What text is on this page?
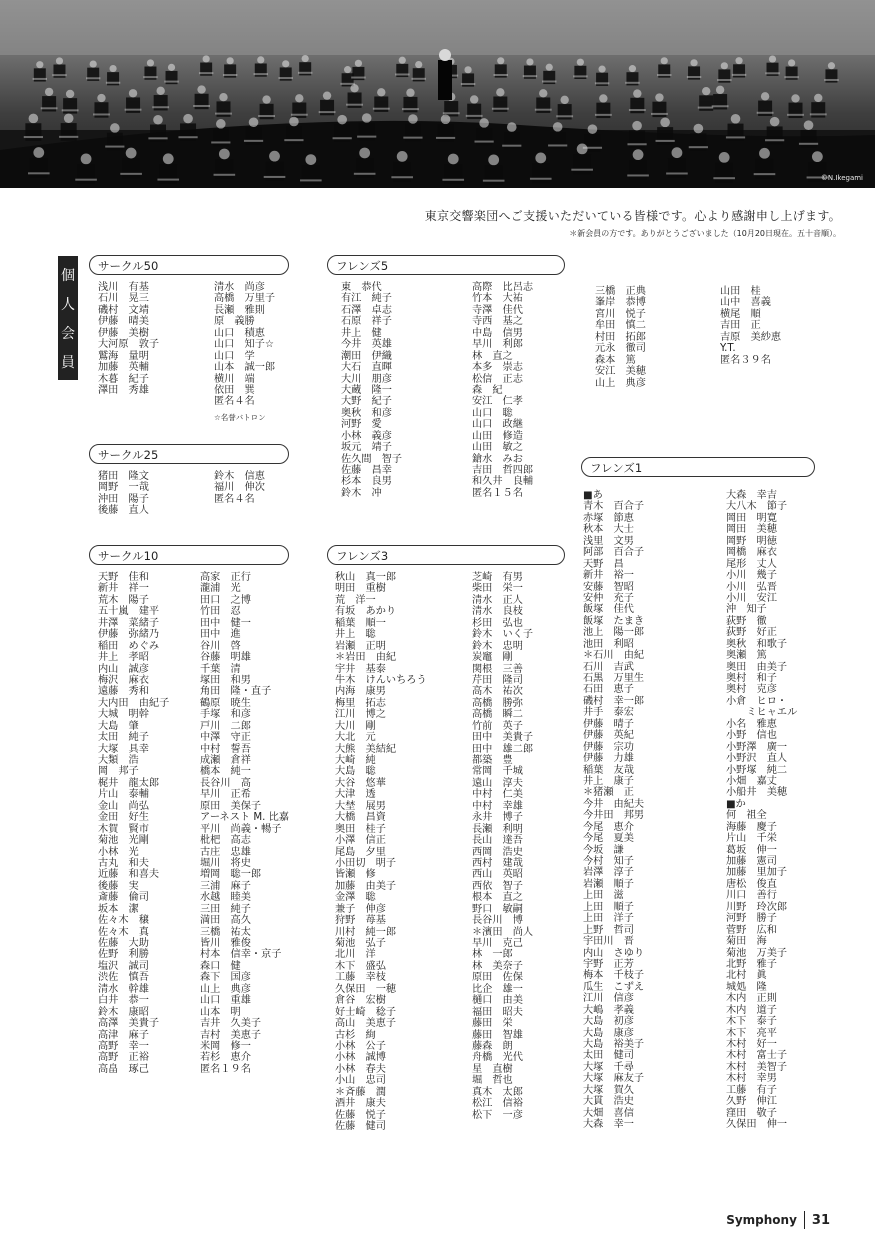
©N.Ikegami
東京交響楽団へご支援いただいている皆様です。心より感謝申し上げます。
＊新会員の方です。ありがとうございました（10月20日現在。五十音順）。
個
人
会
員
サークル50
浅川　有基
石川　晃三
磯村　文靖
伊藤　晴美
伊藤　美樹
大河原　敦子
鷲海　量明
加藤　英輔
木暮　紀子
澤田　秀雄
清水　尚彦
高橋　万里子
長瀬　雅則
原　義勝
山口　積恵
山口　知子☆
山口　学
山本　誠一郎
横川　端
依田　巽
匿名４名
☆名誉バトロン
サークル25
猪田　隆文
岡野　一哉
沖田　陽子
後藤　直人
鈴木　信恵
福川　伸次
匿名４名
サークル10
天野　佳和
新井　祥一
荒木　陽子
五十嵐　建平
井澤　菜緒子
伊藤　弥緒乃
稲田　めぐみ
井上　孝昭
内山　誠彦
梅沢　麻衣
遠藤　秀和
大内田　由紀子
大城　明幹
大島　肇
太田　純子
大塚　具幸
大類　浩
岡　邦子
梶井　龍太郎
片山　泰輔
金山　尚弘
金田　好生
木賀　賢市
菊池　光剛
小林　光
古丸　和夫
近藤　和喜夫
後藤　実
斎藤　倫司
坂本　潔
佐々木　穣
佐々木　真
佐藤　大助
佐野　利勝
塩沢　誠司
渋佐　慎吾
清水　幹雄
白井　恭一
鈴木　康昭
高澤　美貴子
高津　麻子
高野　幸一
高野　正裕
高畠　琢己
高家　正行
瀧浦　光
田口　之博
竹田　忍
田中　健一
田中　進
谷川　啓
谷藤　明雄
千葉　清
塚田　和男
角田　隆・直子
鶴原　暁生
手塚　和彦
戸川　二郎
中澤　守正
中村　誓吾
成瀬　倉祥
橋本　純一
長谷川　高
早川　正希
原田　美保子
アーネスト M. 比嘉
平川　尚義・暢子
枇杷　高志
古庄　忠雄
堀川　将史
増岡　聡一郎
三浦　麻子
水越　睦美
三田　純子
満田　高久
三橋　祐太
皆川　雅俊
村本　信幸・京子
森口　健
森下　国彦
山上　典彦
山口　重雄
山本　明
吉井　久美子
吉村　美恵子
米岡　修一
若杉　恵介
匿名１９名
フレンズ5
東　恭代
有江　純子
石澤　卓志
石原　祥子
井上　健
今井　英雄
潮田　伊織
大石　直暉
大川　朋彦
大蔵　隆一
大野　紀子
奥秋　和彦
河野　愛
小林　義彦
坂元　靖子
佐久間　智子
佐藤　昌幸
杉本　良男
鈴木　冲
高際　比呂志
竹本　大祐
寺澤　佳代
寺西　基之
中島　信男
早川　利郎
林　直之
本多　崇志
松信　正志
森　紀
安江　仁孝
山口　聡
山口　政継
山田　修造
山田　敏之
鎗水　みお
吉田　哲四郎
和久井　良輔
匿名１５名
フレンズ3
秋山　真一郎
明田　重樹
荒　洋一
有坂　あかり
稲葉　順一
井上　聡
岩瀬　正明
＊岩田　由紀
宇井　基泰
牛木　けんいちろう
内海　康男
梅里　拓志
江川　博之
大川　剛
大北　元
大熊　美結紀
大崎　純
大島　聡
大谷　悠華
大津　透
大埜　展男
大橋　昌資
奥田　桂子
小澤　信正
尾島　夕里
小田切　明子
皆瀬　修
加藤　由美子
金澤　聡
兼子　伸彦
狩野　苺基
川村　純一郎
菊池　弘子
北川　洋
木下　盛弘
工藤　幸枝
久保田　一穂
倉谷　宏樹
好士崎　稔子
高山　美恵子
古杉　絢
小林　公子
小林　誠博
小林　春夫
小山　忠司
＊斉藤　潤
酒井　康夫
佐藤　悦子
佐藤　健司
芝崎　有男
柴田　栄一
清水　正人
清水　良枝
杉田　弘也
鈴木　いく子
鈴木　忠明
炭竈　剛
関根　三善
芹田　隆司
高木　祐次
高橋　勝弥
高橋　瞬二
竹前　英子
田中　美貴子
田中　雄二郎
都築　豊
常岡　千城
遠山　淳夫
中村　仁美
中村　幸雄
永井　博子
長瀬　利明
長山　達吾
西岡　浩史
西村　建哉
西山　英昭
西依　智子
根本　直之
野口　敏嗣
長谷川　博
＊濱田　尚人
早川　克己
林　一郎
林　美奈子
原田　佐保
比企　雄一
樋口　由美
福田　昭夫
藤田　栄
藤田　智雄
藤森　朗
舟橋　光代
星　直樹
堀　哲也
真木　太郎
松江　信裕
松下　一彦
三橋　正典
峯岸　恭博
宮川　悦子
牟田　慎二
村田　拓郎
元永　徹司
森本　篤
安江　美穂
山上　典彦
山田　桂
山中　喜義
横尾　順
吉田　正
吉原　美紗恵
Y.T.
匿名３９名
フレンズ1
■あ
青木　百合子
赤塚　節恵
秋本　大士
浅里　文男
阿部　百合子
天野　昌
新井　裕一
安藤　智昭
安仲　充子
飯塚　佳代
飯塚　たまき
池上　陽一郎
池田　利昭
＊石川　由紀
石川　吉武
石黒　万里生
石田　恵子
磯村　幸一郎
井手　泰宏
伊藤　晴子
伊藤　英紀
伊藤　宗功
伊藤　力雄
稲葉　友哉
井上　康子
＊猪瀬　正
今井　由紀夫
今井田　邦男
今尾　恵介
今尾　夏美
今坂　謙
今村　知子
岩澤　淳子
岩瀬　順子
上田　滋
上田　順子
上田　洋子
上野　哲司
宇田川　晋
内山　さゆり
宇野　正芳
梅本　千枝子
瓜生　こずえ
江川　信彦
大嶋　孝義
大島　初彦
大島　康彦
大島　裕美子
太田　健司
大塚　千尋
大塚　麻友子
大塚　賀久
大貫　浩史
大畑　喜信
大森　幸一
大森　幸吉
大八木　節子
岡田　明寛
岡田　美穂
岡野　明徳
岡橋　麻衣
尾形　丈人
小川　幾子
小川　弘晋
小川　安江
沖　知子
荻野　徹
荻野　好正
奥秋　和歌子
奥瀬　篤
奥田　由美子
奥村　和子
奥村　克彦
小倉　ヒロ・
　　ミヒャエル
小名　雅恵
小野　信也
小野澤　廣一
小野沢　直人
小野塚　純二
小畑　嘉丈
小船井　美穂
■か
何　祖全
海藤　慶子
片山　千栄
葛坂　伸一
加藤　憲司
加藤　里加子
唐松　俊直
川口　善行
川野　玲次郎
河野　勝子
菅野　広和
菊田　海
菊池　万美子
北野　雅子
北村　眞
城処　隆
木内　正則
木内　道子
木下　泰子
木下　亮平
木村　好一
木村　富士子
木村　美智子
木村　幸男
工藤　有子
久野　伸江
窪田　敬子
久保田　伸一
Symphony 31
